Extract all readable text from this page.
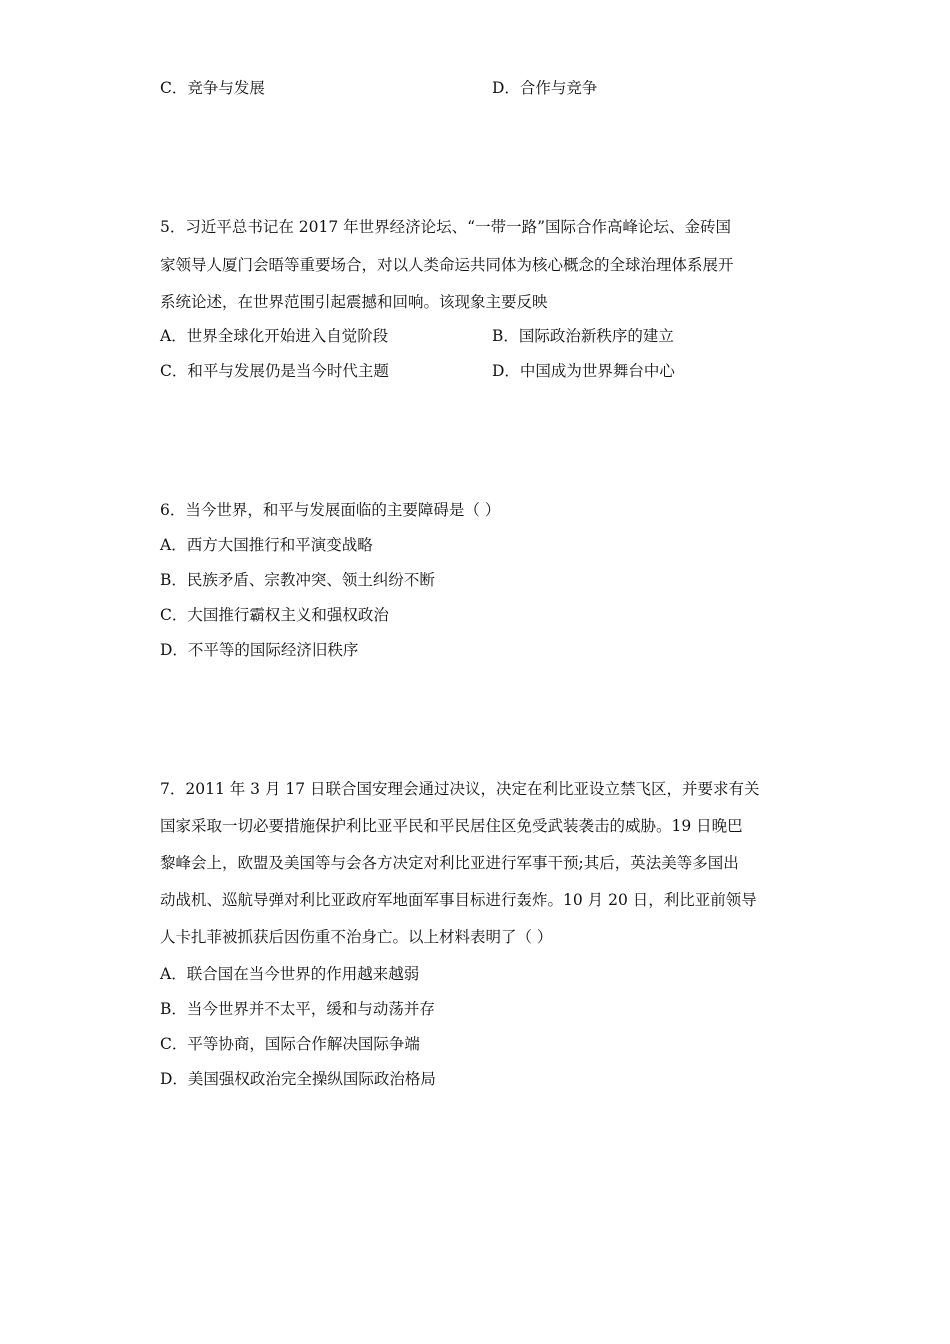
C．竞争与发展	D．合作与竞争
5．习近平总书记在 2017 年世界经济论坛、“一带一路”国际合作高峰论坛、金砖国
家领导人厦门会晤等重要场合，对以人类命运共同体为核心概念的全球治理体系展开
系统论述，在世界范围引起震撼和回响。该现象主要反映
A．世界全球化开始进入自觉阶段	B．国际政治新秩序的建立
C．和平与发展仍是当今时代主题	D．中国成为世界舞台中心
6．当今世界，和平与发展面临的主要障碍是（ ）
A．西方大国推行和平演变战略
B．民族矛盾、宗教冲突、领土纠纷不断
C．大国推行霸权主义和强权政治
D．不平等的国际经济旧秩序
7．2011 年 3 月 17 日联合国安理会通过决议，决定在利比亚设立禁飞区，并要求有关
国家采取一切必要措施保护利比亚平民和平民居住区免受武装袭击的威胁。19 日晚巴
黎峰会上，欧盟及美国等与会各方决定对利比亚进行军事干预;其后，英法美等多国出
动战机、巡航导弹对利比亚政府军地面军事目标进行轰炸。10 月 20 日，利比亚前领导
人卡扎菲被抓获后因伤重不治身亡。以上材料表明了（ ）
A．联合国在当今世界的作用越来越弱
B．当今世界并不太平，缓和与动荡并存
C．平等协商，国际合作解决国际争端
D．美国强权政治完全操纵国际政治格局
